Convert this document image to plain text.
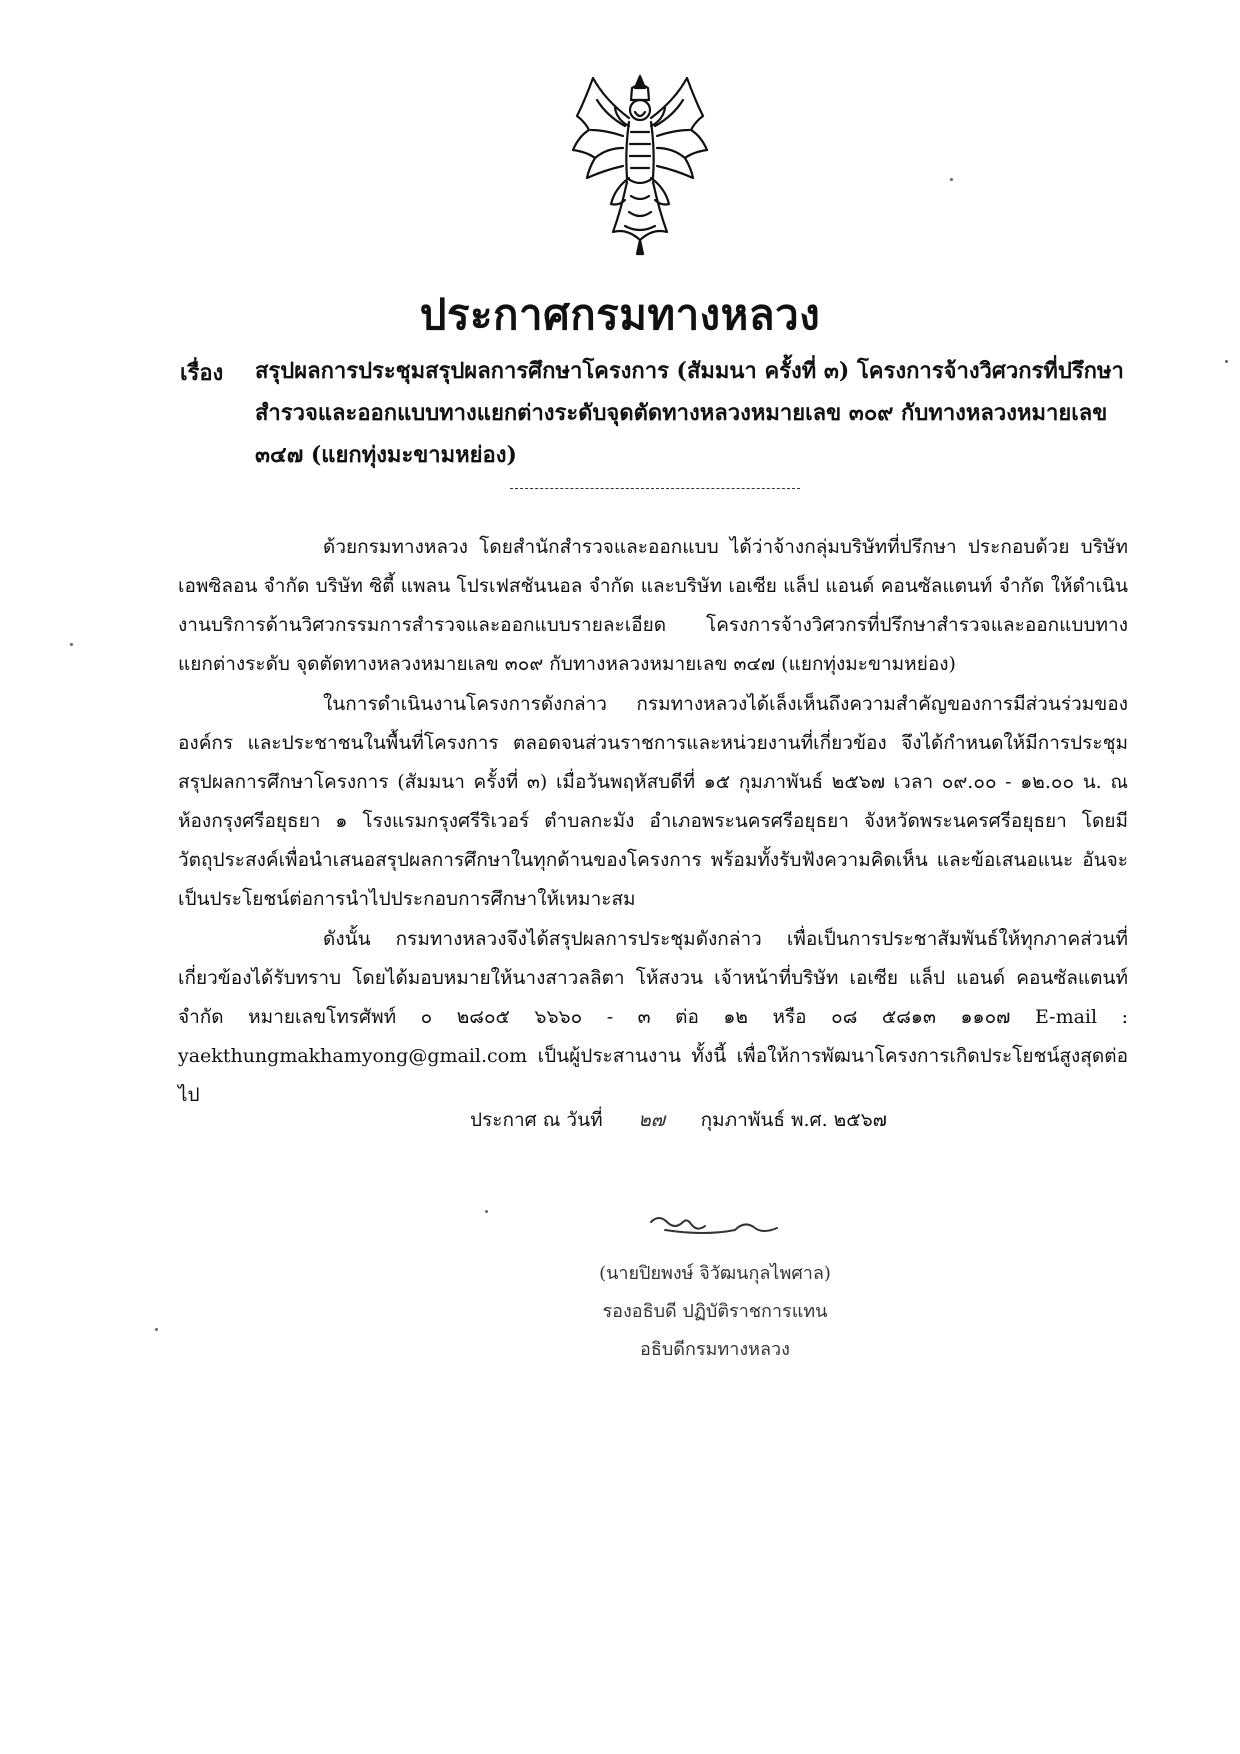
ประกาศกรมทางหลวง
เรื่อง สรุปผลการประชุมสรุปผลการศึกษาโครงการ (สัมมนา ครั้งที่ ๓) โครงการจ้างวิศวกรที่ปรึกษาสำรวจและออกแบบทางแยกต่างระดับจุดตัดทางหลวงหมายเลข ๓๐๙ กับทางหลวงหมายเลข ๓๔๗ (แยกทุ่งมะขามหย่อง)
ด้วยกรมทางหลวง โดยสำนักสำรวจและออกแบบ ได้ว่าจ้างกลุ่มบริษัทที่ปรึกษา ประกอบด้วย บริษัท เอพซิลอน จำกัด บริษัท ซิตี้ แพลน โปรเฟสชันนอล จำกัด และบริษัท เอเซีย แล็ป แอนด์ คอนซัลแตนท์ จำกัด ให้ดำเนินงานบริการด้านวิศวกรรมการสำรวจและออกแบบรายละเอียด โครงการจ้างวิศวกรที่ปรึกษาสำรวจและออกแบบทางแยกต่างระดับ จุดตัดทางหลวงหมายเลข ๓๐๙ กับทางหลวงหมายเลข ๓๔๗ (แยกทุ่งมะขามหย่อง)
ในการดำเนินงานโครงการดังกล่าว กรมทางหลวงได้เล็งเห็นถึงความสำคัญของการมีส่วนร่วมขององค์กร และประชาชนในพื้นที่โครงการ ตลอดจนส่วนราชการและหน่วยงานที่เกี่ยวข้อง จึงได้กำหนดให้มีการประชุมสรุปผลการศึกษาโครงการ (สัมมนา ครั้งที่ ๓) เมื่อวันพฤหัสบดีที่ ๑๕ กุมภาพันธ์ ๒๕๖๗ เวลา ๐๙.๐๐ - ๑๒.๐๐ น. ณ ห้องกรุงศรีอยุธยา ๑ โรงแรมกรุงศรีริเวอร์ ตำบลกะมัง อำเภอพระนครศรีอยุธยา จังหวัดพระนครศรีอยุธยา โดยมีวัตถุประสงค์เพื่อนำเสนอสรุปผลการศึกษาในทุกด้านของโครงการ พร้อมทั้งรับฟังความคิดเห็น และข้อเสนอแนะ อันจะเป็นประโยชน์ต่อการนำไปประกอบการศึกษาให้เหมาะสม
ดังนั้น กรมทางหลวงจึงได้สรุปผลการประชุมดังกล่าว เพื่อเป็นการประชาสัมพันธ์ให้ทุกภาคส่วนที่เกี่ยวข้องได้รับทราบ โดยได้มอบหมายให้นางสาวลลิตา โห้สงวน เจ้าหน้าที่บริษัท เอเซีย แล็ป แอนด์ คอนซัลแตนท์ จำกัด หมายเลขโทรศัพท์ ๐ ๒๘๐๕ ๖๖๖๐ - ๓ ต่อ ๑๒ หรือ ๐๘ ๕๘๑๓ ๑๑๐๗ E-mail : yaekthungmakhamyong@gmail.com เป็นผู้ประสานงาน ทั้งนี้ เพื่อให้การพัฒนาโครงการเกิดประโยชน์สูงสุดต่อไป
ประกาศ ณ วันที่ ๒๗ กุมภาพันธ์ พ.ศ. ๒๕๖๗
(นายปิยพงษ์ จิวัฒนกุลไพศาล)
รองอธิบดี ปฏิบัติราชการแทน
อธิบดีกรมทางหลวง
